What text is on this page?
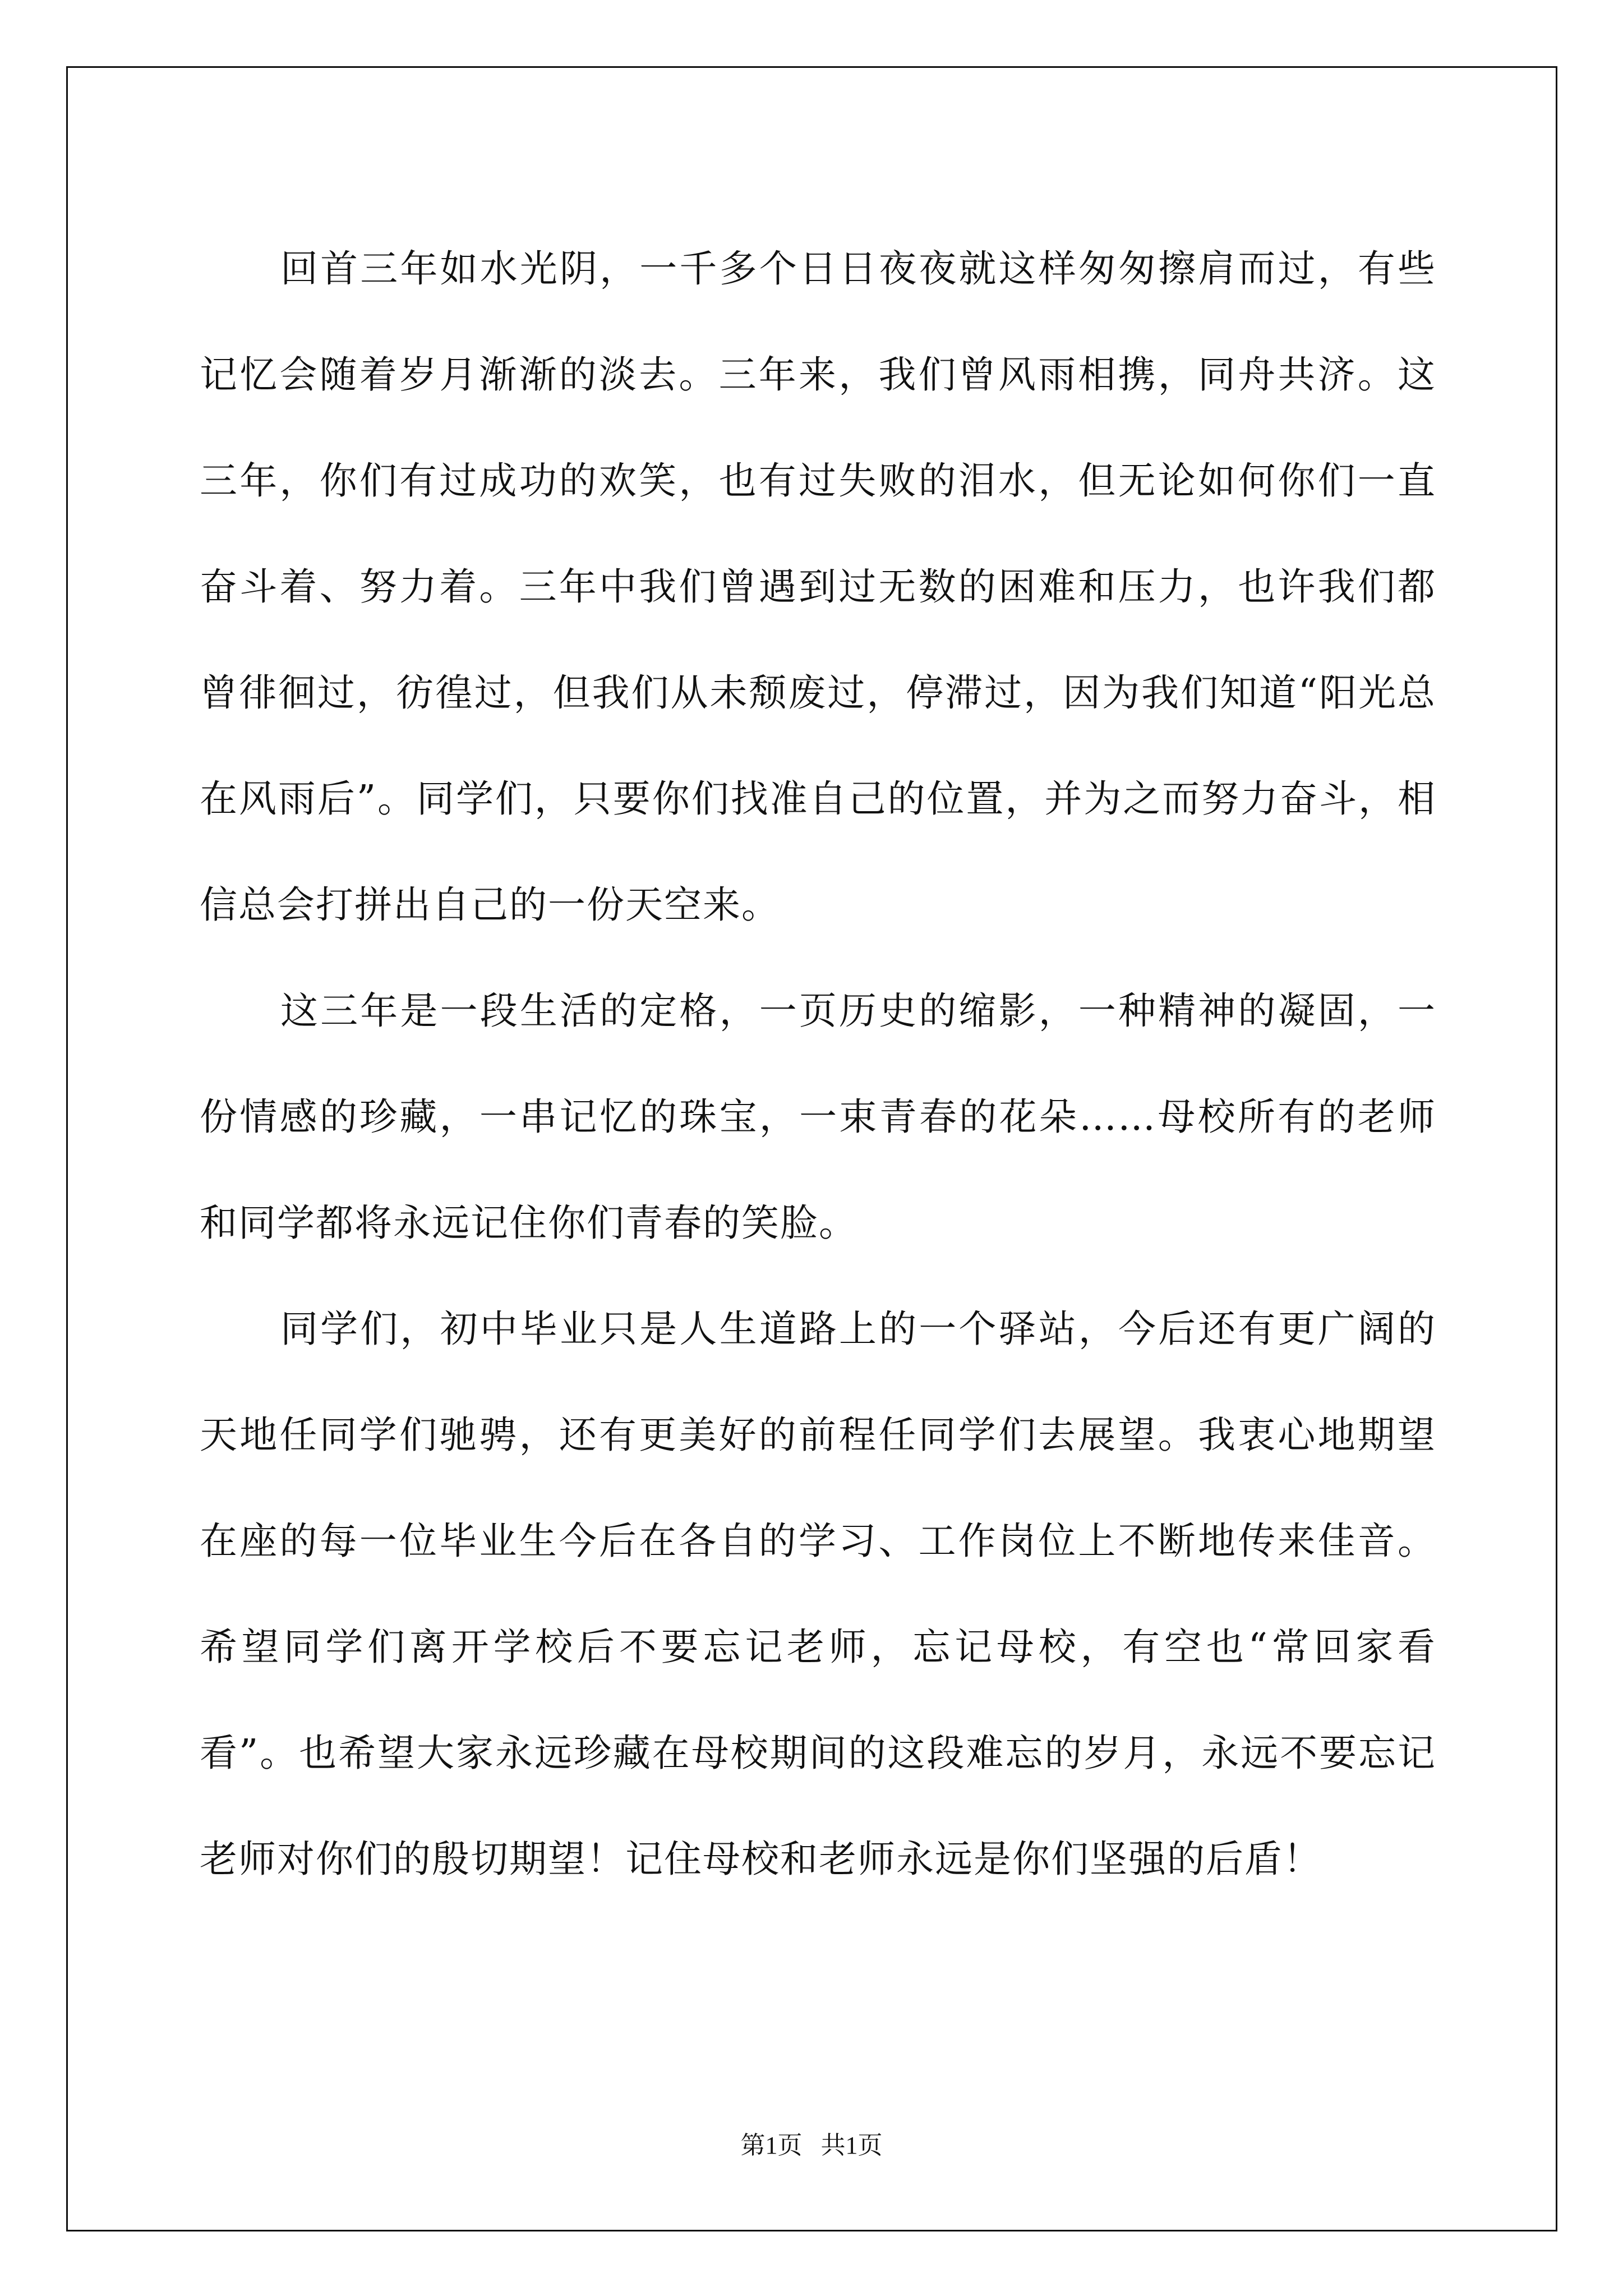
回首三年如水光阴，一千多个日日夜夜就这样匆匆擦肩而过，有些记忆会随着岁月渐渐的淡去。三年来，我们曾风雨相携，同舟共济。这三年，你们有过成功的欢笑，也有过失败的泪水，但无论如何你们一直奋斗着、努力着。三年中我们曾遇到过无数的困难和压力，也许我们都曾徘徊过，彷徨过，但我们从未颓废过，停滞过，因为我们知道“阳光总在风雨后”。同学们，只要你们找准自己的位置，并为之而努力奋斗，相信总会打拼出自己的一份天空来。

这三年是一段生活的定格，一页历史的缩影，一种精神的凝固，一份情感的珍藏，一串记忆的珠宝，一束青春的花朵……母校所有的老师和同学都将永远记住你们青春的笑脸。

同学们，初中毕业只是人生道路上的一个驿站，今后还有更广阔的天地任同学们驰骋，还有更美好的前程任同学们去展望。我衷心地期望在座的每一位毕业生今后在各自的学习、工作岗位上不断地传来佳音。希望同学们离开学校后不要忘记老师，忘记母校，有空也“常回家看看”。也希望大家永远珍藏在母校期间的这段难忘的岁月，永远不要忘记老师对你们的殷切期望！记住母校和老师永远是你们坚强的后盾！

第1页   共1页
